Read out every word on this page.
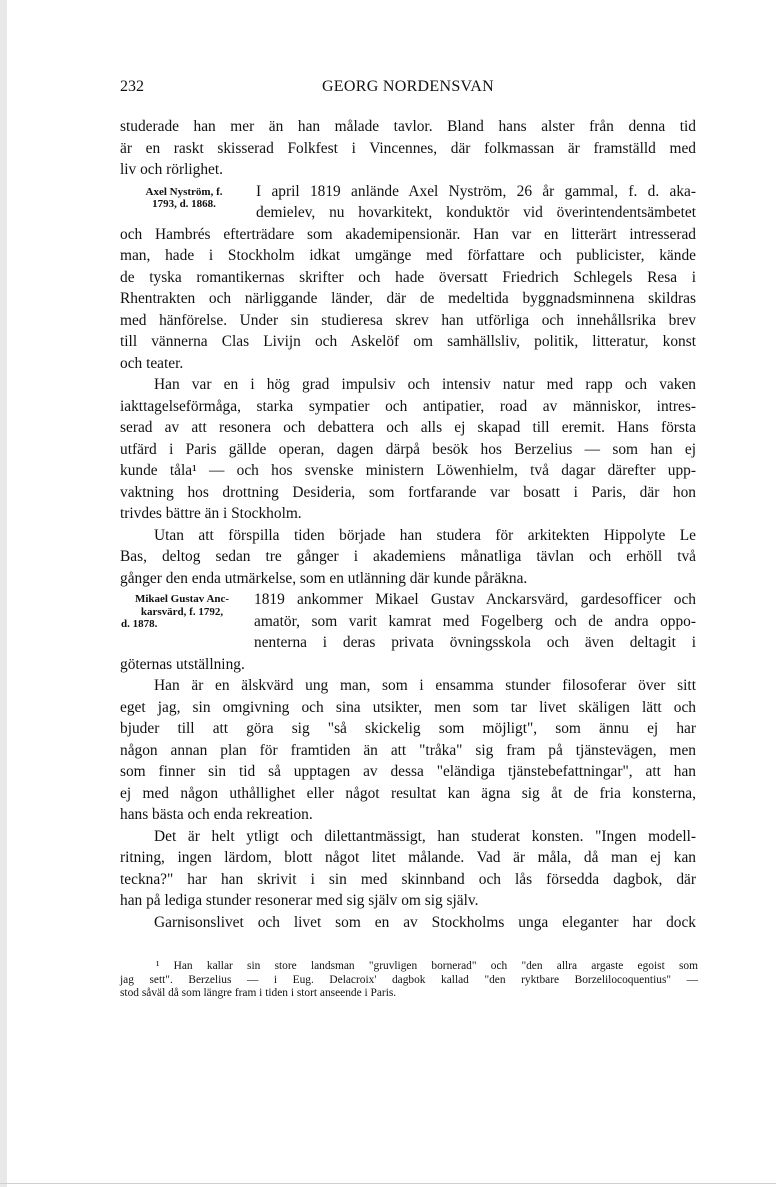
232	GEORG NORDENSVAN
studerade han mer än han målade tavlor. Bland hans alster från denna tid
är en raskt skisserad Folkfest i Vincennes, där folkmassan är framställd med
liv och rörlighet.
Axel Nyström, f.
1793, d. 1868.
I april 1819 anlände Axel Nyström, 26 år gammal, f. d. aka-
demielev, nu hovarkitekt, konduktör vid överintendentsämbetet
och Hambrés efterträdare som akademipensionär. Han var en litterärt intresserad
man, hade i Stockholm idkat umgänge med författare och publicister, kände
de tyska romantikernas skrifter och hade översatt Friedrich Schlegels Resa i
Rhentrakten och närliggande länder, där de medeltida byggnadsminnena skildras
med hänförelse. Under sin studieresa skrev han utförliga och innehållsrika brev
till vännerna Clas Livijn och Askelöf om samhällsliv, politik, litteratur, konst
och teater.
Han var en i hög grad impulsiv och intensiv natur med rapp och vaken
iakttagelseförmåga, starka sympatier och antipatier, road av människor, intres-
serad av att resonera och debattera och alls ej skapad till eremit. Hans första
utfärd i Paris gällde operan, dagen därpå besök hos Berzelius — som han ej
kunde tåla¹ — och hos svenske ministern Löwenhielm, två dagar därefter upp-
vaktning hos drottning Desideria, som fortfarande var bosatt i Paris, där hon
trivdes bättre än i Stockholm.
Utan att förspilla tiden började han studera för arkitekten Hippolyte Le
Bas, deltog sedan tre gånger i akademiens månatliga tävlan och erhöll två
gånger den enda utmärkelse, som en utlänning där kunde påräkna.
Mikael Gustav Anc-
karsvärd, f. 1792,
d. 1878.
1819 ankommer Mikael Gustav Anckarsvärd, gardesofficer och
amatör, som varit kamrat med Fogelberg och de andra oppo-
nenterna i deras privata övningsskola och även deltagit i
göternas utställning.
Han är en älskvärd ung man, som i ensamma stunder filosoferar över sitt
eget jag, sin omgivning och sina utsikter, men som tar livet skäligen lätt och
bjuder till att göra sig "så skickelig som möjligt", som ännu ej har
någon annan plan för framtiden än att "tråka" sig fram på tjänstevägen, men
som finner sin tid så upptagen av dessa "eländiga tjänstebefattningar", att han
ej med någon uthållighet eller något resultat kan ägna sig åt de fria konsterna,
hans bästa och enda rekreation.
Det är helt ytligt och dilettantmässigt, han studerat konsten. "Ingen modell-
ritning, ingen lärdom, blott något litet målande. Vad är måla, då man ej kan
teckna?" har han skrivit i sin med skinnband och lås försedda dagbok, där
han på lediga stunder resonerar med sig själv om sig själv.
Garnisonslivet och livet som en av Stockholms unga eleganter har dock
¹ Han kallar sin store landsman "gruvligen bornerad" och "den allra argaste egoist som
jag sett". Berzelius — i Eug. Delacroix' dagbok kallad "den ryktbare Borzelilocoquentius" —
stod såväl då som längre fram i tiden i stort anseende i Paris.
